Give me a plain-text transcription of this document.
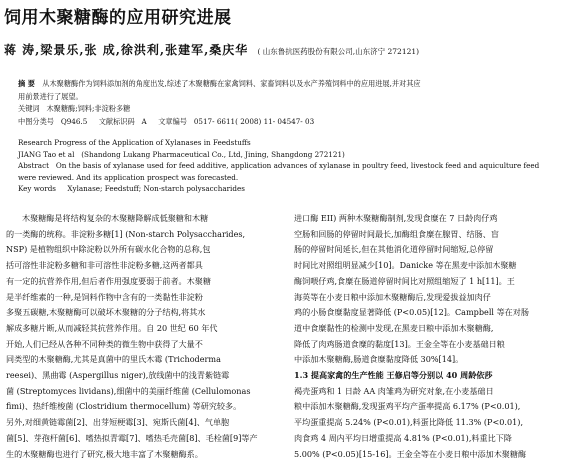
饲用木聚糖酶的应用研究进展
蒋 涛,梁景乐,张 成,徐洪利,张建军,桑庆华 ( 山东鲁抗医药股份有限公司,山东济宁 272121)
摘 要 从木聚糖酶作为饲料添加剂的角度出发,综述了木聚糖酶在家禽饲料、家畜饲料以及水产养殖饲料中的应用进展,并对其应
用前景进行了展望。
关键词 木聚糖酶;饲料;非淀粉多糖
中图分类号 Q946.5 文献标识码 A 文章编号 0517- 6611( 2008) 11- 04547- 03
Research Progress of the Application of Xylanases in Feedstuffs
JIANG Tao et al (Shandong Lukang Pharmaceutical Co., Ltd, Jining, Shangdong 272121)
Abstract On the basis of xylanase used for feed additive, application advances of xylanase in poultry feed, livestock feed and aquiculture feed
were reviewed. And its application prospect was forecasted.
Key words Xylanase; Feedstuff; Non-starch polysaccharides
木聚糖酶是将结构复杂的木聚糖降解成低聚糖和木糖
的一类酶的统称。非淀粉多糖[1] (Non-starch Polysaccharides,
NSP) 是植物组织中除淀粉以外所有碳水化合物的总称,包
括可溶性非淀粉多糖和非可溶性非淀粉多糖,这两者都具
有一定的抗营养作用,但后者作用强度要弱于前者。木聚糖
是半纤维素的一种,是饲料作物中含有的一类黏性非淀粉
多聚五碳糖,木聚糖酶可以破坏木聚糖的分子结构,将其水
解成多糖片断,从而减轻其抗营养作用。自 20 世纪 60 年代
开始,人们已经从各种不同种类的微生物中获得了大量不
同类型的木聚糖酶,尤其是真菌中的里氏木霉 (Trichoderma
reesei)、黑曲霉 (Aspergillus niger),放线菌中的浅青紫链霉
菌 (Streptomyces lividans),细菌中的美丽纤维菌 (Cellulomonas
fimi)、热纤维梭菌 (Clostridium thermocellum) 等研究较多。
另外,对细黄链霉菌[2]、出芽短梗霉[3]、宛斯氏菌[4]、气单胞
菌[5]、芽孢杆菌[6]、嗜热拟青霉[7]、嗜热毛壳菌[8]、毛栓菌[9]等产
生的木聚糖酶也进行了研究,极大地丰富了木聚糖酶系。
进口酶 EII) 两种木聚糖酶制剂,发现食糜在 7 日龄肉仔鸡
空肠和回肠的停留时间最长,加酶组食糜在腺胃、结肠、盲
肠的停留时间延长,但在其他消化道停留时间缩短,总停留
时间比对照组明显减少[10]。Danicke 等在黑麦中添加木聚糖
酶饲喂仔鸡,食糜在肠道停留时间比对照组缩短了 1 h[11]。王
海英等在小麦日粮中添加木聚糖酶后,发现爱拔益加肉仔
鸡的小肠食糜黏度显著降低 (P<0.05)[12]。Campbell 等在对肠
道中食糜黏性的检测中发现,在黑麦日粮中添加木聚糖酶,
降低了肉鸡肠道食糜的黏度[13]。王金全等在小麦基础日粮
中添加木聚糖酶,肠道食糜黏度降低 30%[14]。
1.3 提高家禽的生产性能 王修启等分别以 40 周龄依莎
褐壳蛋鸡和 1 日龄 AA 肉雏鸡为研究对象,在小麦基础日
粮中添加木聚糖酶,发现蛋鸡平均产蛋率提高 6.17% (P<0.01),
平均蛋重提高 5.24% (P<0.01),料蛋比降低 11.3% (P<0.01),
肉食鸡 4 周内平均日增重提高 4.81% (P<0.01),料重比下降
5.00% (P<0.05)[15-16]。王金全等在小麦日粮中添加木聚糖酶
